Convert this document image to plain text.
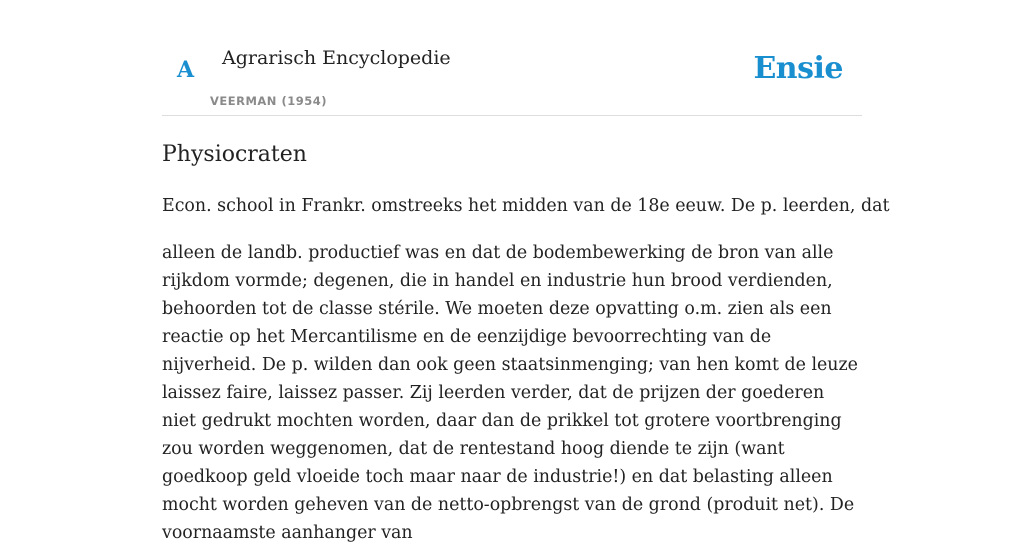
A Agrarisch Encyclopedie
VEERMAN (1954)
Ensie
Physiocraten

Econ. school in Frankr. omstreeks het midden van de 18e eeuw. De p. leerden, dat

alleen de landb. productief was en dat de bodembewerking de bron van alle rijkdom vormde; degenen, die in handel en industrie hun brood verdienden, behoorden tot de classe stérile. We moeten deze opvatting o.m. zien als een reactie op het Mercantilisme en de eenzijdige bevoorrechting van de nijverheid. De p. wilden dan ook geen staatsinmenging; van hen komt de leuze laissez faire, laissez passer. Zij leerden verder, dat de prijzen der goederen niet gedrukt mochten worden, daar dan de prikkel tot grotere voortbrenging zou worden weggenomen, dat de rentestand hoog diende te zijn (want goedkoop geld vloeide toch maar naar de industrie!) en dat belasting alleen mocht worden geheven van de netto-opbrengst van de grond (produit net). De voornaamste aanhanger van
